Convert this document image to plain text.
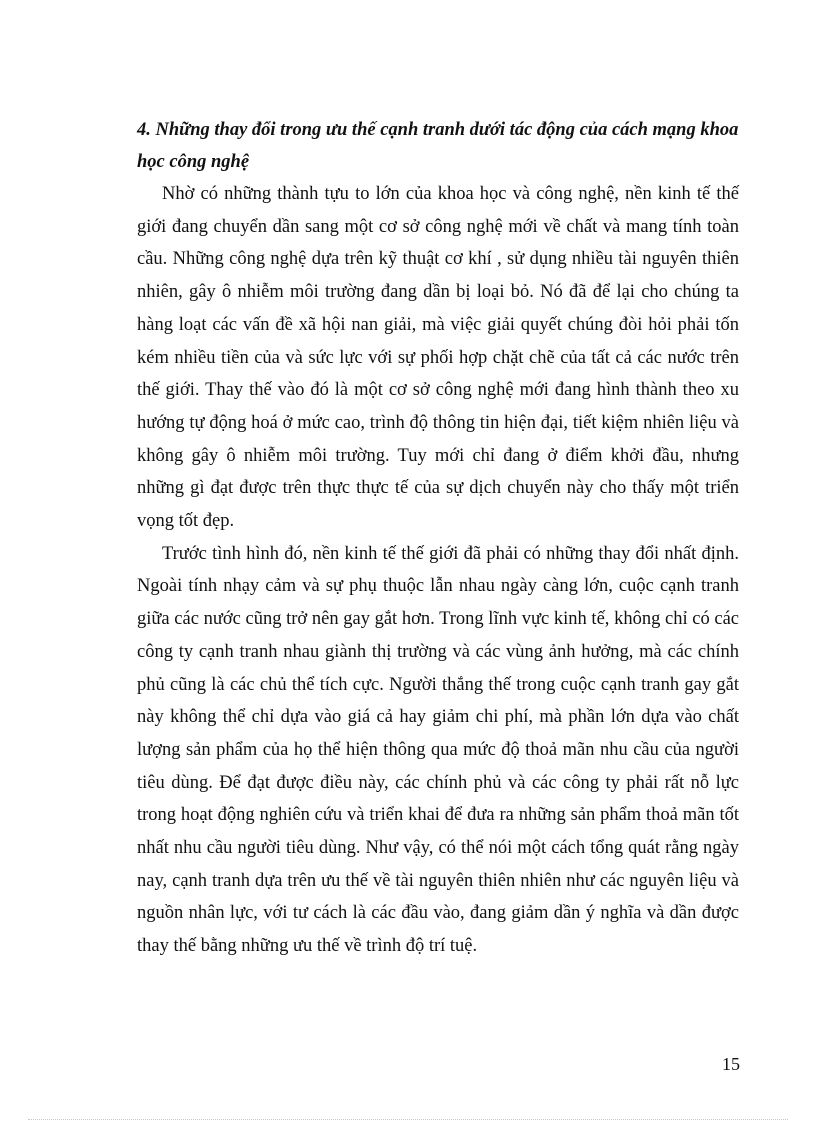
4. Những thay đổi trong ưu thế cạnh tranh dưới tác động của cách mạng khoa học công nghệ

Nhờ có những thành tựu to lớn của khoa học và công nghệ, nền kinh tế thế giới đang chuyển dần sang một cơ sở công nghệ mới về chất và mang tính toàn cầu. Những công nghệ dựa trên kỹ thuật cơ khí , sử dụng nhiều tài nguyên thiên nhiên, gây ô nhiễm môi trường đang dần bị loại bỏ. Nó đã để lại cho chúng ta hàng loạt các vấn đề xã hội nan giải, mà việc giải quyết chúng đòi hỏi phải tốn kém nhiều tiền của và sức lực với sự phối hợp chặt chẽ của tất cả các nước trên thế giới. Thay thế vào đó là một cơ sở công nghệ mới đang hình thành theo xu hướng tự động hoá ở mức cao, trình độ thông tin hiện đại, tiết kiệm nhiên liệu và không gây ô nhiễm môi trường. Tuy mới chỉ đang ở điểm khởi đầu, nhưng những gì đạt được trên thực thực tế của sự dịch chuyển này cho thấy một triển vọng tốt đẹp.

Trước tình hình đó, nền kinh tế thế giới đã phải có những thay đổi nhất định. Ngoài tính nhạy cảm và sự phụ thuộc lẫn nhau ngày càng lớn, cuộc cạnh tranh giữa các nước cũng trở nên gay gắt hơn. Trong lĩnh vực kinh tế, không chỉ có các công ty cạnh tranh nhau giành thị trường và các vùng ảnh hưởng, mà các chính phủ cũng là các chủ thể tích cực. Người thắng thế trong cuộc cạnh tranh gay gắt này không thể chỉ dựa vào giá cả hay giảm chi phí, mà phần lớn dựa vào chất lượng sản phẩm của họ thể hiện thông qua mức độ thoả mãn nhu cầu của người tiêu dùng. Để đạt được điều này, các chính phủ và các công ty phải rất nỗ lực trong hoạt động nghiên cứu và triển khai để đưa ra những sản phẩm thoả mãn tốt nhất nhu cầu người tiêu dùng. Như vậy, có thể nói một cách tổng quát rằng ngày nay, cạnh tranh dựa trên ưu thế về tài nguyên thiên nhiên như các nguyên liệu và nguồn nhân lực, với tư cách là các đầu vào, đang giảm dần ý nghĩa và dần được thay thế bằng những ưu thế về trình độ trí tuệ.

15
